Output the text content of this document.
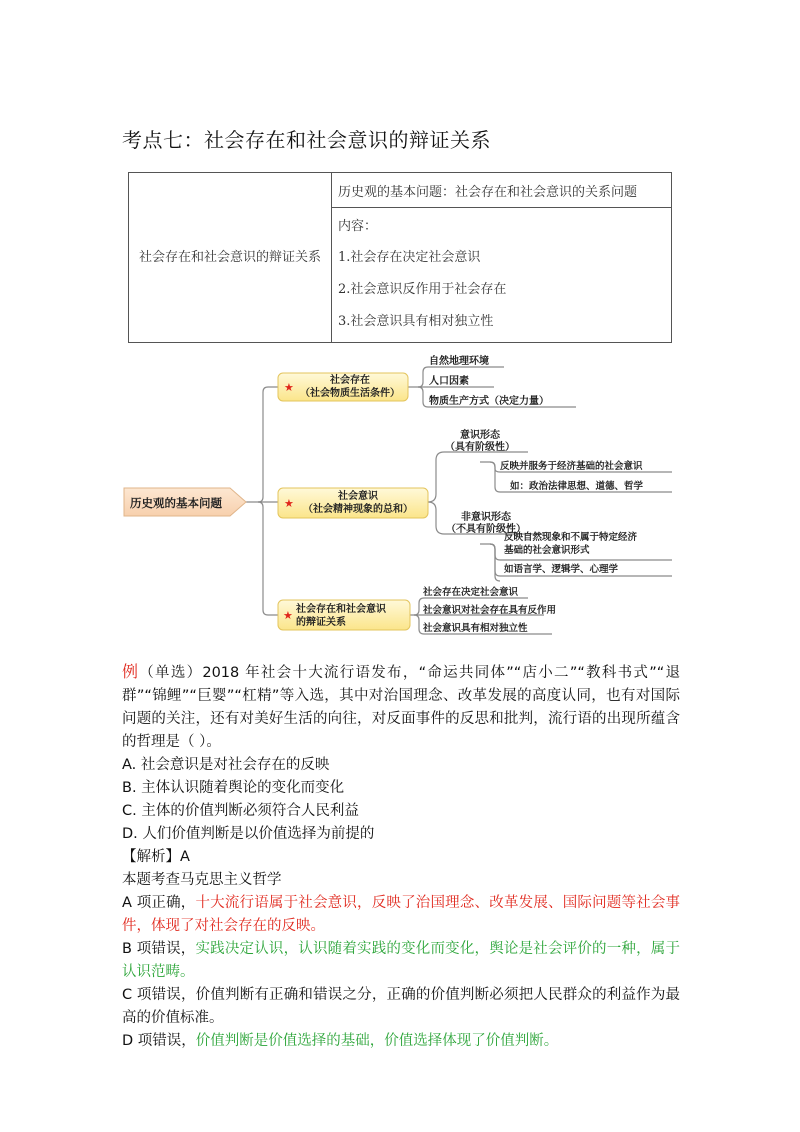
考点七：社会存在和社会意识的辩证关系
社会存在和社会意识的辩证关系	历史观的基本问题：社会存在和社会意识的关系问题

内容：
1.社会存在决定社会意识
2.社会意识反作用于社会存在
3.社会意识具有相对独立性
历史观的基本问题
★
社会存在
（社会物质生活条件）
自然地理环境
人口因素
物质生产方式（决定力量）
★
社会意识
（社会精神现象的总和）
意识形态
（具有阶级性）
反映并服务于经济基础的社会意识
如：政治法律思想、道德、哲学
非意识形态
（不具有阶级性）
反映自然现象和不属于特定经济
基础的社会意识形式
如语言学、逻辑学、心理学
★ 社会存在和社会意识
的辩证关系
社会存在决定社会意识
社会意识对社会存在具有反作用
社会意识具有相对独立性

例（单选）2018 年社会十大流行语发布，“命运共同体”“店小二”“教科书式”“退群”“锦鲤”“巨婴”“杠精”等入选，其中对治国理念、改革发展的高度认同，也有对国际问题的关注，还有对美好生活的向往，对反面事件的反思和批判，流行语的出现所蕴含的哲理是（ ）。

A. 社会意识是对社会存在的反映

B. 主体认识随着舆论的变化而变化

C. 主体的价值判断必须符合人民利益

D. 人们价值判断是以价值选择为前提的

【解析】A

本题考查马克思主义哲学

A 项正确，十大流行语属于社会意识，反映了治国理念、改革发展、国际问题等社会事件，体现了对社会存在的反映。

B 项错误，实践决定认识，认识随着实践的变化而变化，舆论是社会评价的一种，属于认识范畴。

C 项错误，价值判断有正确和错误之分，正确的价值判断必须把人民群众的利益作为最高的价值标准。

D 项错误，价值判断是价值选择的基础，价值选择体现了价值判断。
